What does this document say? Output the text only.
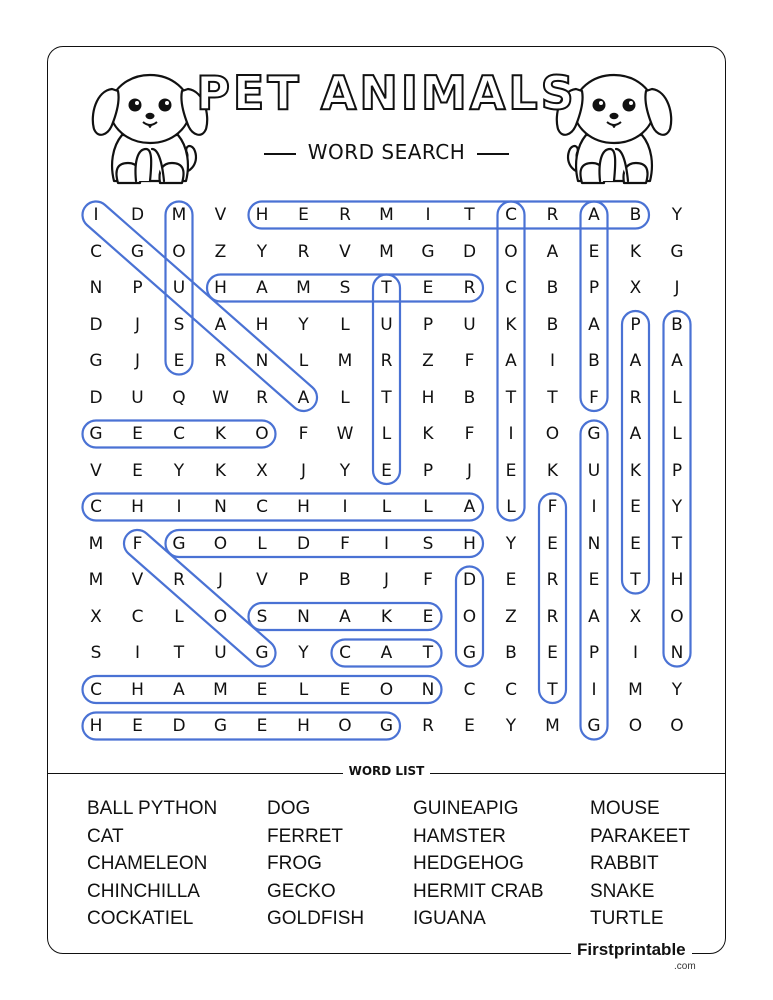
PET ANIMALS
WORD SEARCH
I	D	M	V	H	E	R	M	I	T	C	R	A	B	Y
C	G	O	Z	Y	R	V	M	G	D	O	A	E	K	G
N	P	U	H	A	M	S	T	E	R	C	B	P	X	J
D	J	S	A	H	Y	L	U	P	U	K	B	A	P	B
G	J	E	R	N	L	M	R	Z	F	A	I	B	A	A
D	U	Q	W	R	A	L	T	H	B	T	T	F	R	L
G	E	C	K	O	F	W	L	K	F	I	O	G	A	L
V	E	Y	K	X	J	Y	E	P	J	E	K	U	K	P
C	H	I	N	C	H	I	L	L	A	L	F	I	E	Y
M	F	G	O	L	D	F	I	S	H	Y	E	N	E	T
M	V	R	J	V	P	B	J	F	D	E	R	E	T	H
X	C	L	O	S	N	A	K	E	O	Z	R	A	X	O
S	I	T	U	G	Y	C	A	T	G	B	E	P	I	N
C	H	A	M	E	L	E	O	N	C	C	T	I	M	Y
H	E	D	G	E	H	O	G	R	E	Y	M	G	O	O
WORD LIST
BALL PYTHON
CAT
CHAMELEON
CHINCHILLA
COCKATIEL
DOG
FERRET
FROG
GECKO
GOLDFISH
GUINEAPIG
HAMSTER
HEDGEHOG
HERMIT CRAB
IGUANA
MOUSE
PARAKEET
RABBIT
SNAKE
TURTLE
Firstprintable
.com
